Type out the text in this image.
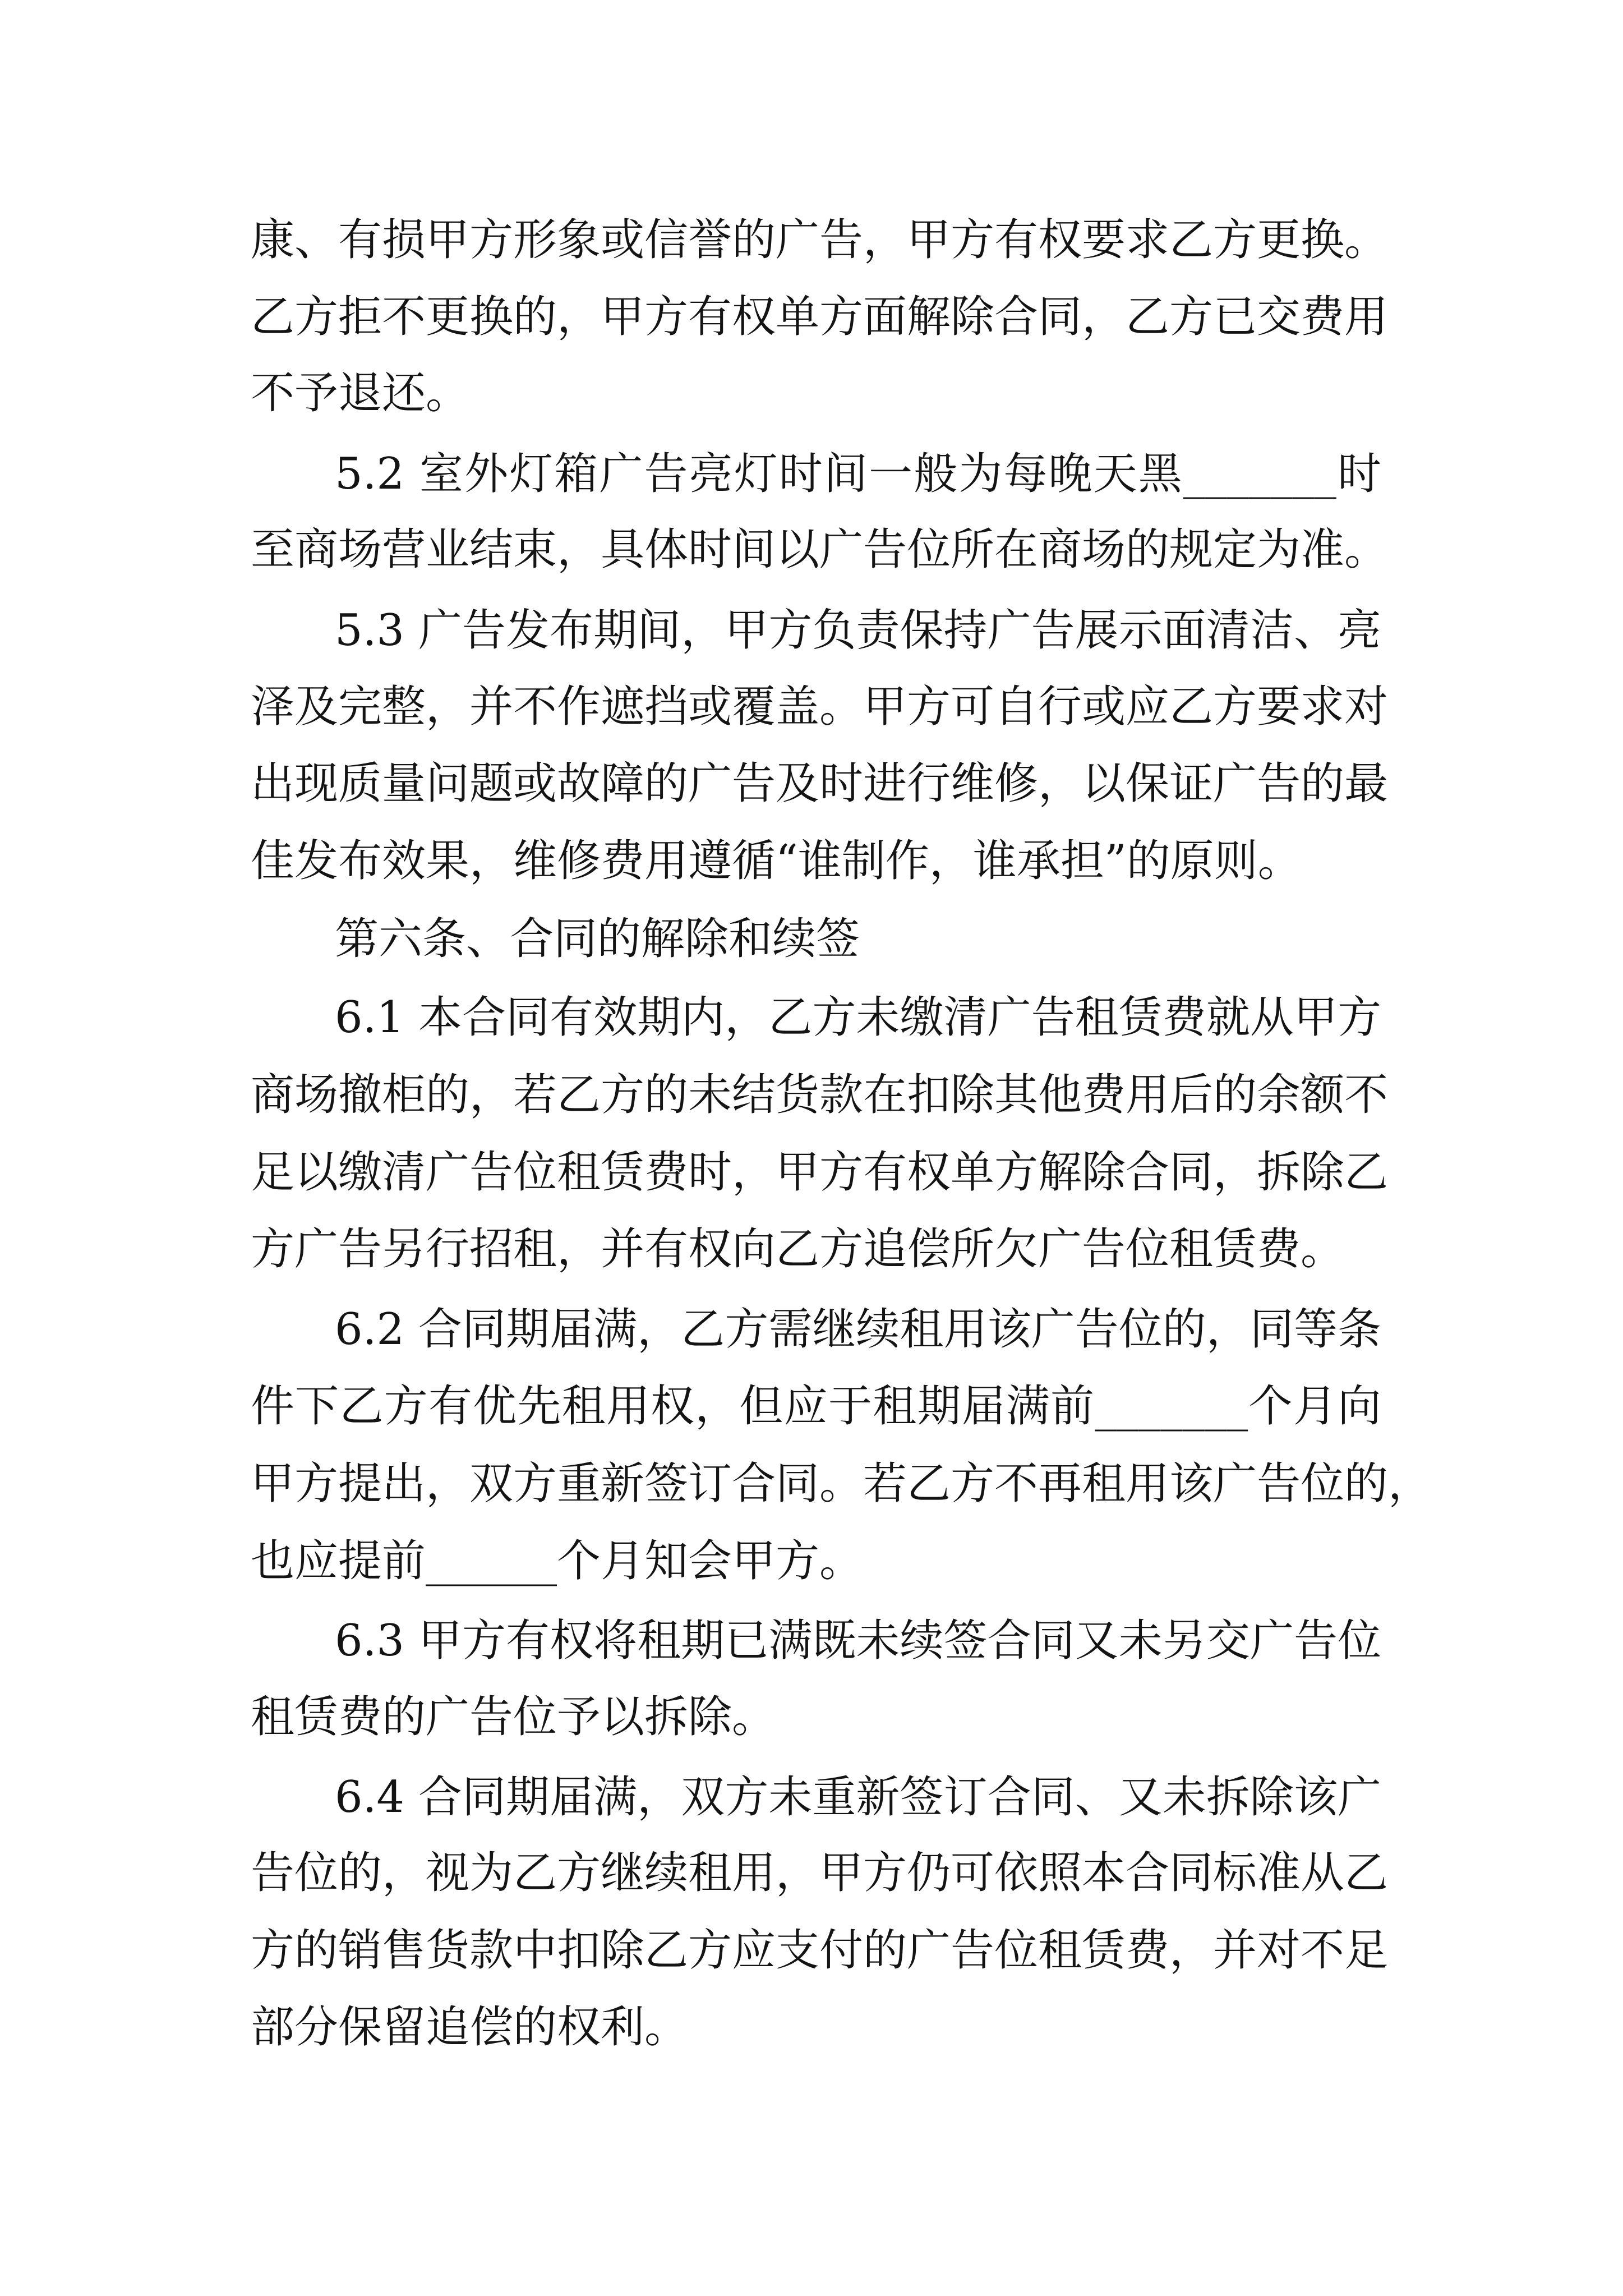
康、有损甲方形象或信誉的广告，甲方有权要求乙方更换。
乙方拒不更换的，甲方有权单方面解除合同，乙方已交费用
不予退还。
5.2 室外灯箱广告亮灯时间一般为每晚天黑_______时
至商场营业结束，具体时间以广告位所在商场的规定为准。
5.3 广告发布期间，甲方负责保持广告展示面清洁、亮
泽及完整，并不作遮挡或覆盖。甲方可自行或应乙方要求对
出现质量问题或故障的广告及时进行维修，以保证广告的最
佳发布效果，维修费用遵循“谁制作，谁承担”的原则。
第六条、合同的解除和续签
6.1 本合同有效期内，乙方未缴清广告租赁费就从甲方
商场撤柜的，若乙方的未结货款在扣除其他费用后的余额不
足以缴清广告位租赁费时，甲方有权单方解除合同，拆除乙
方广告另行招租，并有权向乙方追偿所欠广告位租赁费。
6.2 合同期届满，乙方需继续租用该广告位的，同等条
件下乙方有优先租用权，但应于租期届满前_______个月向
甲方提出，双方重新签订合同。若乙方不再租用该广告位的，
也应提前______个月知会甲方。
6.3 甲方有权将租期已满既未续签合同又未另交广告位
租赁费的广告位予以拆除。
6.4 合同期届满，双方未重新签订合同、又未拆除该广
告位的，视为乙方继续租用，甲方仍可依照本合同标准从乙
方的销售货款中扣除乙方应支付的广告位租赁费，并对不足
部分保留追偿的权利。
